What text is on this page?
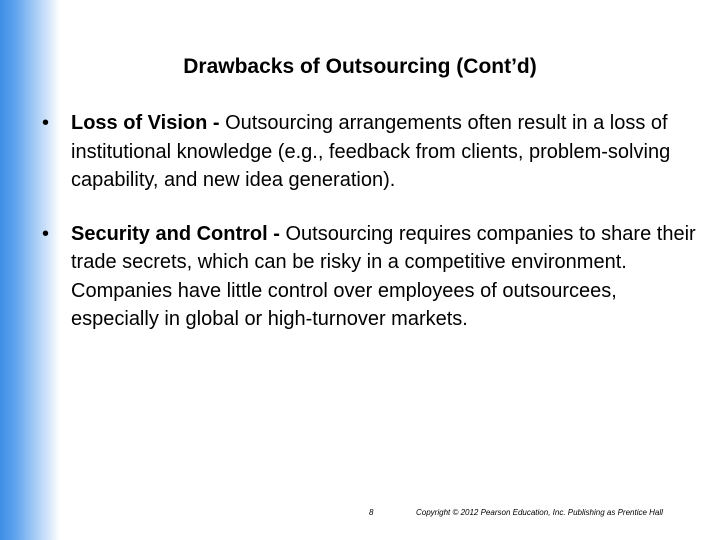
Drawbacks of Outsourcing (Cont’d)
•	Loss of Vision - Outsourcing arrangements often result in a loss of institutional knowledge (e.g., feedback from clients, problem-solving capability, and new idea generation).
•	Security and Control - Outsourcing requires companies to share their trade secrets, which can be risky in a competitive environment. Companies have little control over employees of outsourcees, especially in global or high-turnover markets.
8	Copyright © 2012 Pearson Education, Inc. Publishing as Prentice Hall
